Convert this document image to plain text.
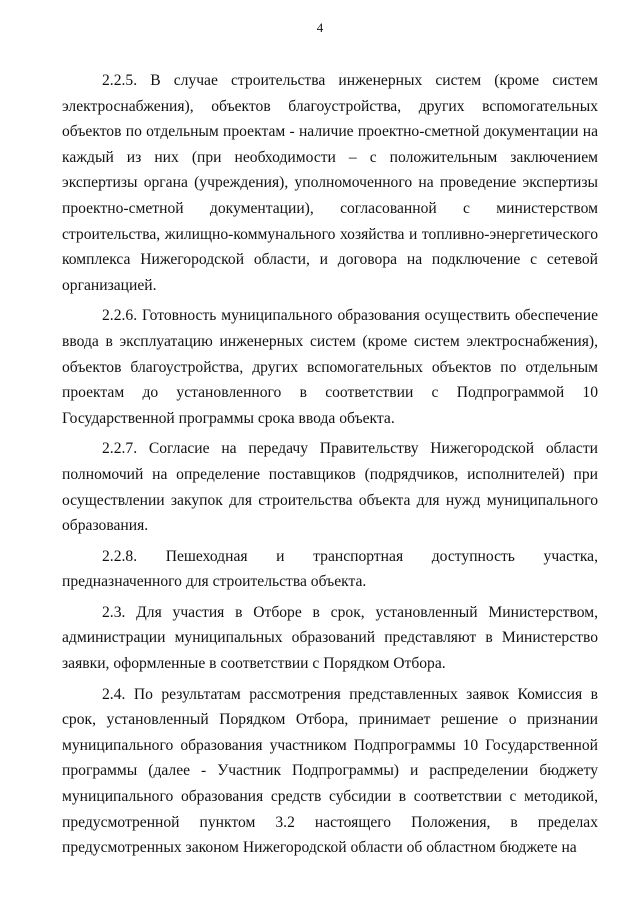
4

2.2.5. В случае строительства инженерных систем (кроме систем электроснабжения), объектов благоустройства, других вспомогательных объектов по отдельным проектам - наличие проектно-сметной документации на каждый из них (при необходимости – с положительным заключением экспертизы органа (учреждения), уполномоченного на проведение экспертизы проектно-сметной документации), согласованной с министерством строительства, жилищно-коммунального хозяйства и топливно-энергетического комплекса Нижегородской области, и договора на подключение с сетевой организацией.

2.2.6. Готовность муниципального образования осуществить обеспечение ввода в эксплуатацию инженерных систем (кроме систем электроснабжения), объектов благоустройства, других вспомогательных объектов по отдельным проектам до установленного в соответствии с Подпрограммой 10 Государственной программы срока ввода объекта.

2.2.7. Согласие на передачу Правительству Нижегородской области полномочий на определение поставщиков (подрядчиков, исполнителей) при осуществлении закупок для строительства объекта для нужд муниципального образования.

2.2.8. Пешеходная и транспортная доступность участка, предназначенного для строительства объекта.

2.3. Для участия в Отборе в срок, установленный Министерством, администрации муниципальных образований представляют в Министерство заявки, оформленные в соответствии с Порядком Отбора.

2.4. По результатам рассмотрения представленных заявок Комиссия в срок, установленный Порядком Отбора, принимает решение о признании муниципального образования участником Подпрограммы 10 Государственной программы (далее - Участник Подпрограммы) и распределении бюджету муниципального образования средств субсидии в соответствии с методикой, предусмотренной пунктом 3.2 настоящего Положения, в пределах предусмотренных законом Нижегородской области об областном бюджете на
